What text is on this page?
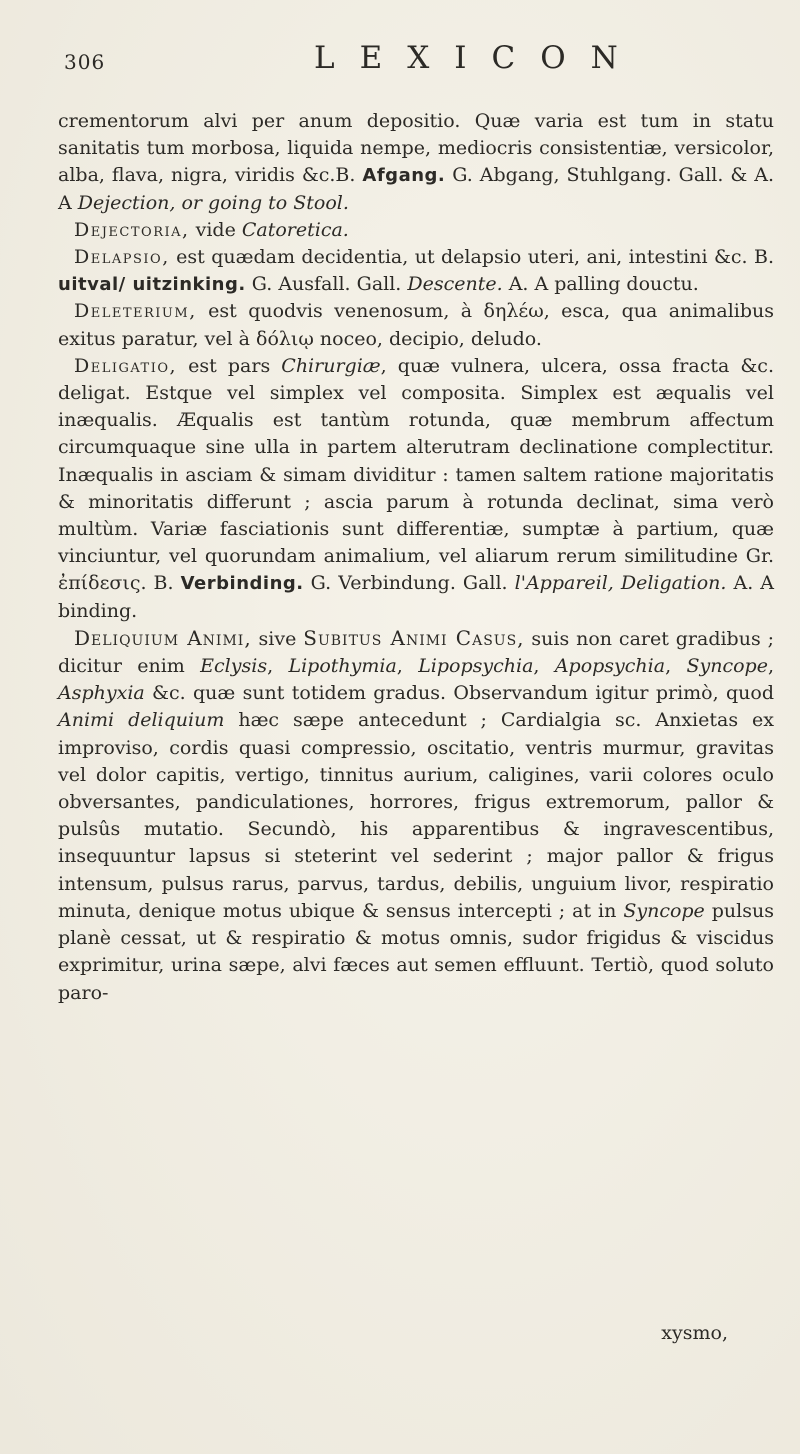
306	LEXICON

crementorum alvi per anum depositio. Quæ varia est tum in statu sanitatis tum morbosa, liquida nempe, mediocris consistentiæ, versicolor, alba, flava, nigra, viridis &c.B. Afgang. G. Abgang, Stuhlgang. Gall. & A. A Dejection, or going to Stool.

Dejectoria, vide Catoretica.

Delapsio, est quædam decidentia, ut delapsio uteri, ani, intestini &c. B. uitval/ uitzinking. G. Ausfall. Gall. Descente. A. A palling douctu.

Deleterium, est quodvis venenosum, à δηλέω, esca, qua animalibus exitus paratur, vel à δόλιῳ noceo, decipio, deludo.

Deligatio, est pars Chirurgiæ, quæ vulnera, ulcera, ossa fracta &c. deligat. Estque vel simplex vel composita. Simplex est æqualis vel inæqualis. Æqualis est tantùm rotunda, quæ membrum affectum circumquaque sine ulla in partem alterutram declinatione complectitur. Inæqualis in asciam & simam dividitur : tamen saltem ratione majoritatis & minoritatis differunt ; ascia parum à rotunda declinat, sima verò multùm. Variæ fasciationis sunt differentiæ, sumptæ à partium, quæ vinciuntur, vel quorundam animalium, vel aliarum rerum similitudine Gr. ἐπίδεσις. B. Verbinding. G. Verbindung. Gall. l'Appareil, Deligation. A. A binding.

Deliquium Animi, sive Subitus Animi Casus, suis non caret gradibus ; dicitur enim Eclysis, Lipothymia, Lipopsychia, Apopsychia, Syncope, Asphyxia &c. quæ sunt totidem gradus. Observandum igitur primò, quod Animi deliquium hæc sæpe antecedunt ; Cardialgia sc. Anxietas ex improviso, cordis quasi compressio, oscitatio, ventris murmur, gravitas vel dolor capitis, vertigo, tinnitus aurium, caligines, varii colores oculo obversantes, pandiculationes, horrores, frigus extremorum, pallor & pulsûs mutatio. Secundò, his apparentibus & ingravescentibus, insequuntur lapsus si steterint vel sederint ; major pallor & frigus intensum, pulsus rarus, parvus, tardus, debilis, unguium livor, respiratio minuta, denique motus ubique & sensus intercepti ; at in Syncope pulsus planè cessat, ut & respiratio & motus omnis, sudor frigidus & viscidus exprimitur, urina sæpe, alvi fæces aut semen effluunt. Tertiò, quod soluto paro-

xysmo,
